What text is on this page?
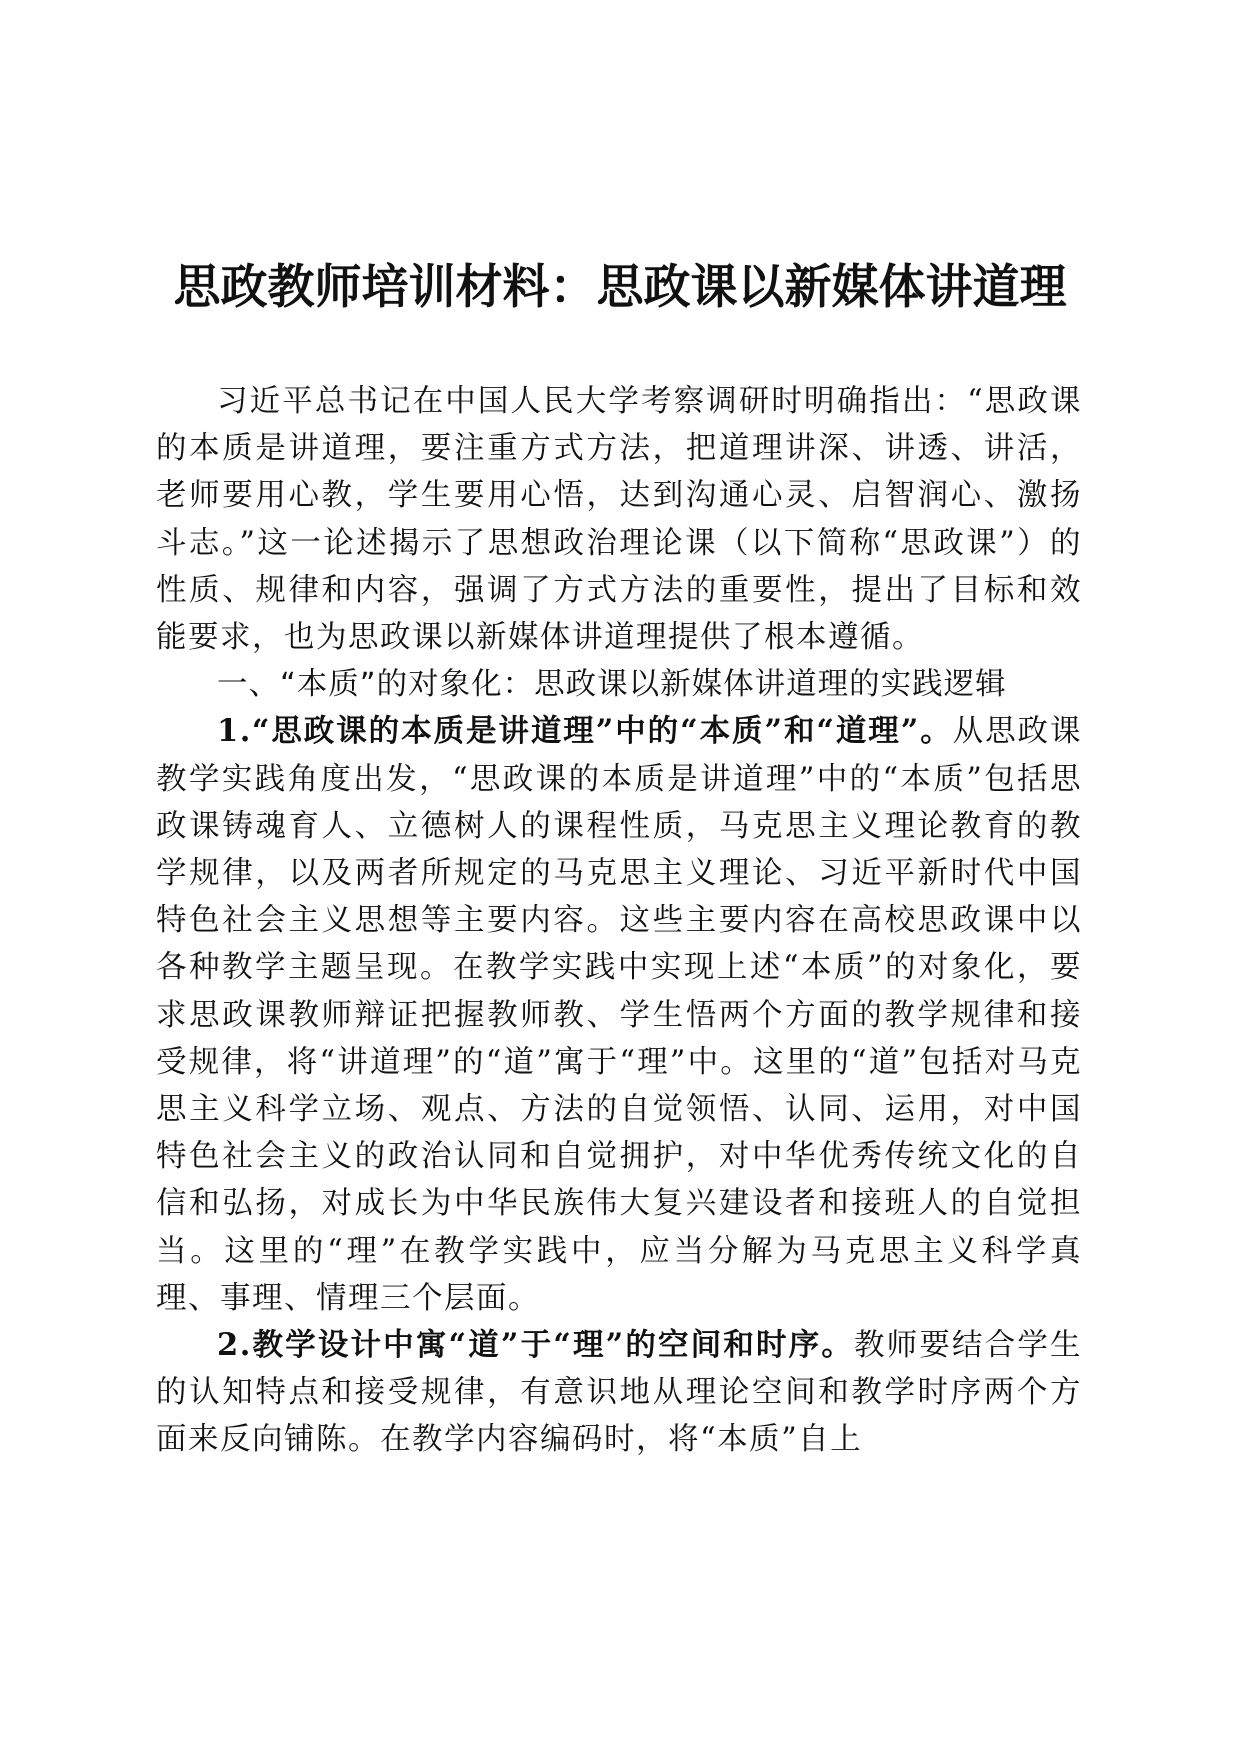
思政教师培训材料：思政课以新媒体讲道理

习近平总书记在中国人民大学考察调研时明确指出：“思政课的本质是讲道理，要注重方式方法，把道理讲深、讲透、讲活，老师要用心教，学生要用心悟，达到沟通心灵、启智润心、激扬斗志。”这一论述揭示了思想政治理论课（以下简称“思政课”）的性质、规律和内容，强调了方式方法的重要性，提出了目标和效能要求，也为思政课以新媒体讲道理提供了根本遵循。

一、“本质”的对象化：思政课以新媒体讲道理的实践逻辑

1.“思政课的本质是讲道理”中的“本质”和“道理”。从思政课教学实践角度出发，“思政课的本质是讲道理”中的“本质”包括思政课铸魂育人、立德树人的课程性质，马克思主义理论教育的教学规律，以及两者所规定的马克思主义理论、习近平新时代中国特色社会主义思想等主要内容。这些主要内容在高校思政课中以各种教学主题呈现。在教学实践中实现上述“本质”的对象化，要求思政课教师辩证把握教师教、学生悟两个方面的教学规律和接受规律，将“讲道理”的“道”寓于“理”中。这里的“道”包括对马克思主义科学立场、观点、方法的自觉领悟、认同、运用，对中国特色社会主义的政治认同和自觉拥护，对中华优秀传统文化的自信和弘扬，对成长为中华民族伟大复兴建设者和接班人的自觉担当。这里的“理”在教学实践中，应当分解为马克思主义科学真理、事理、情理三个层面。

2.教学设计中寓“道”于“理”的空间和时序。教师要结合学生的认知特点和接受规律，有意识地从理论空间和教学时序两个方面来反向铺陈。在教学内容编码时，将“本质”自上
